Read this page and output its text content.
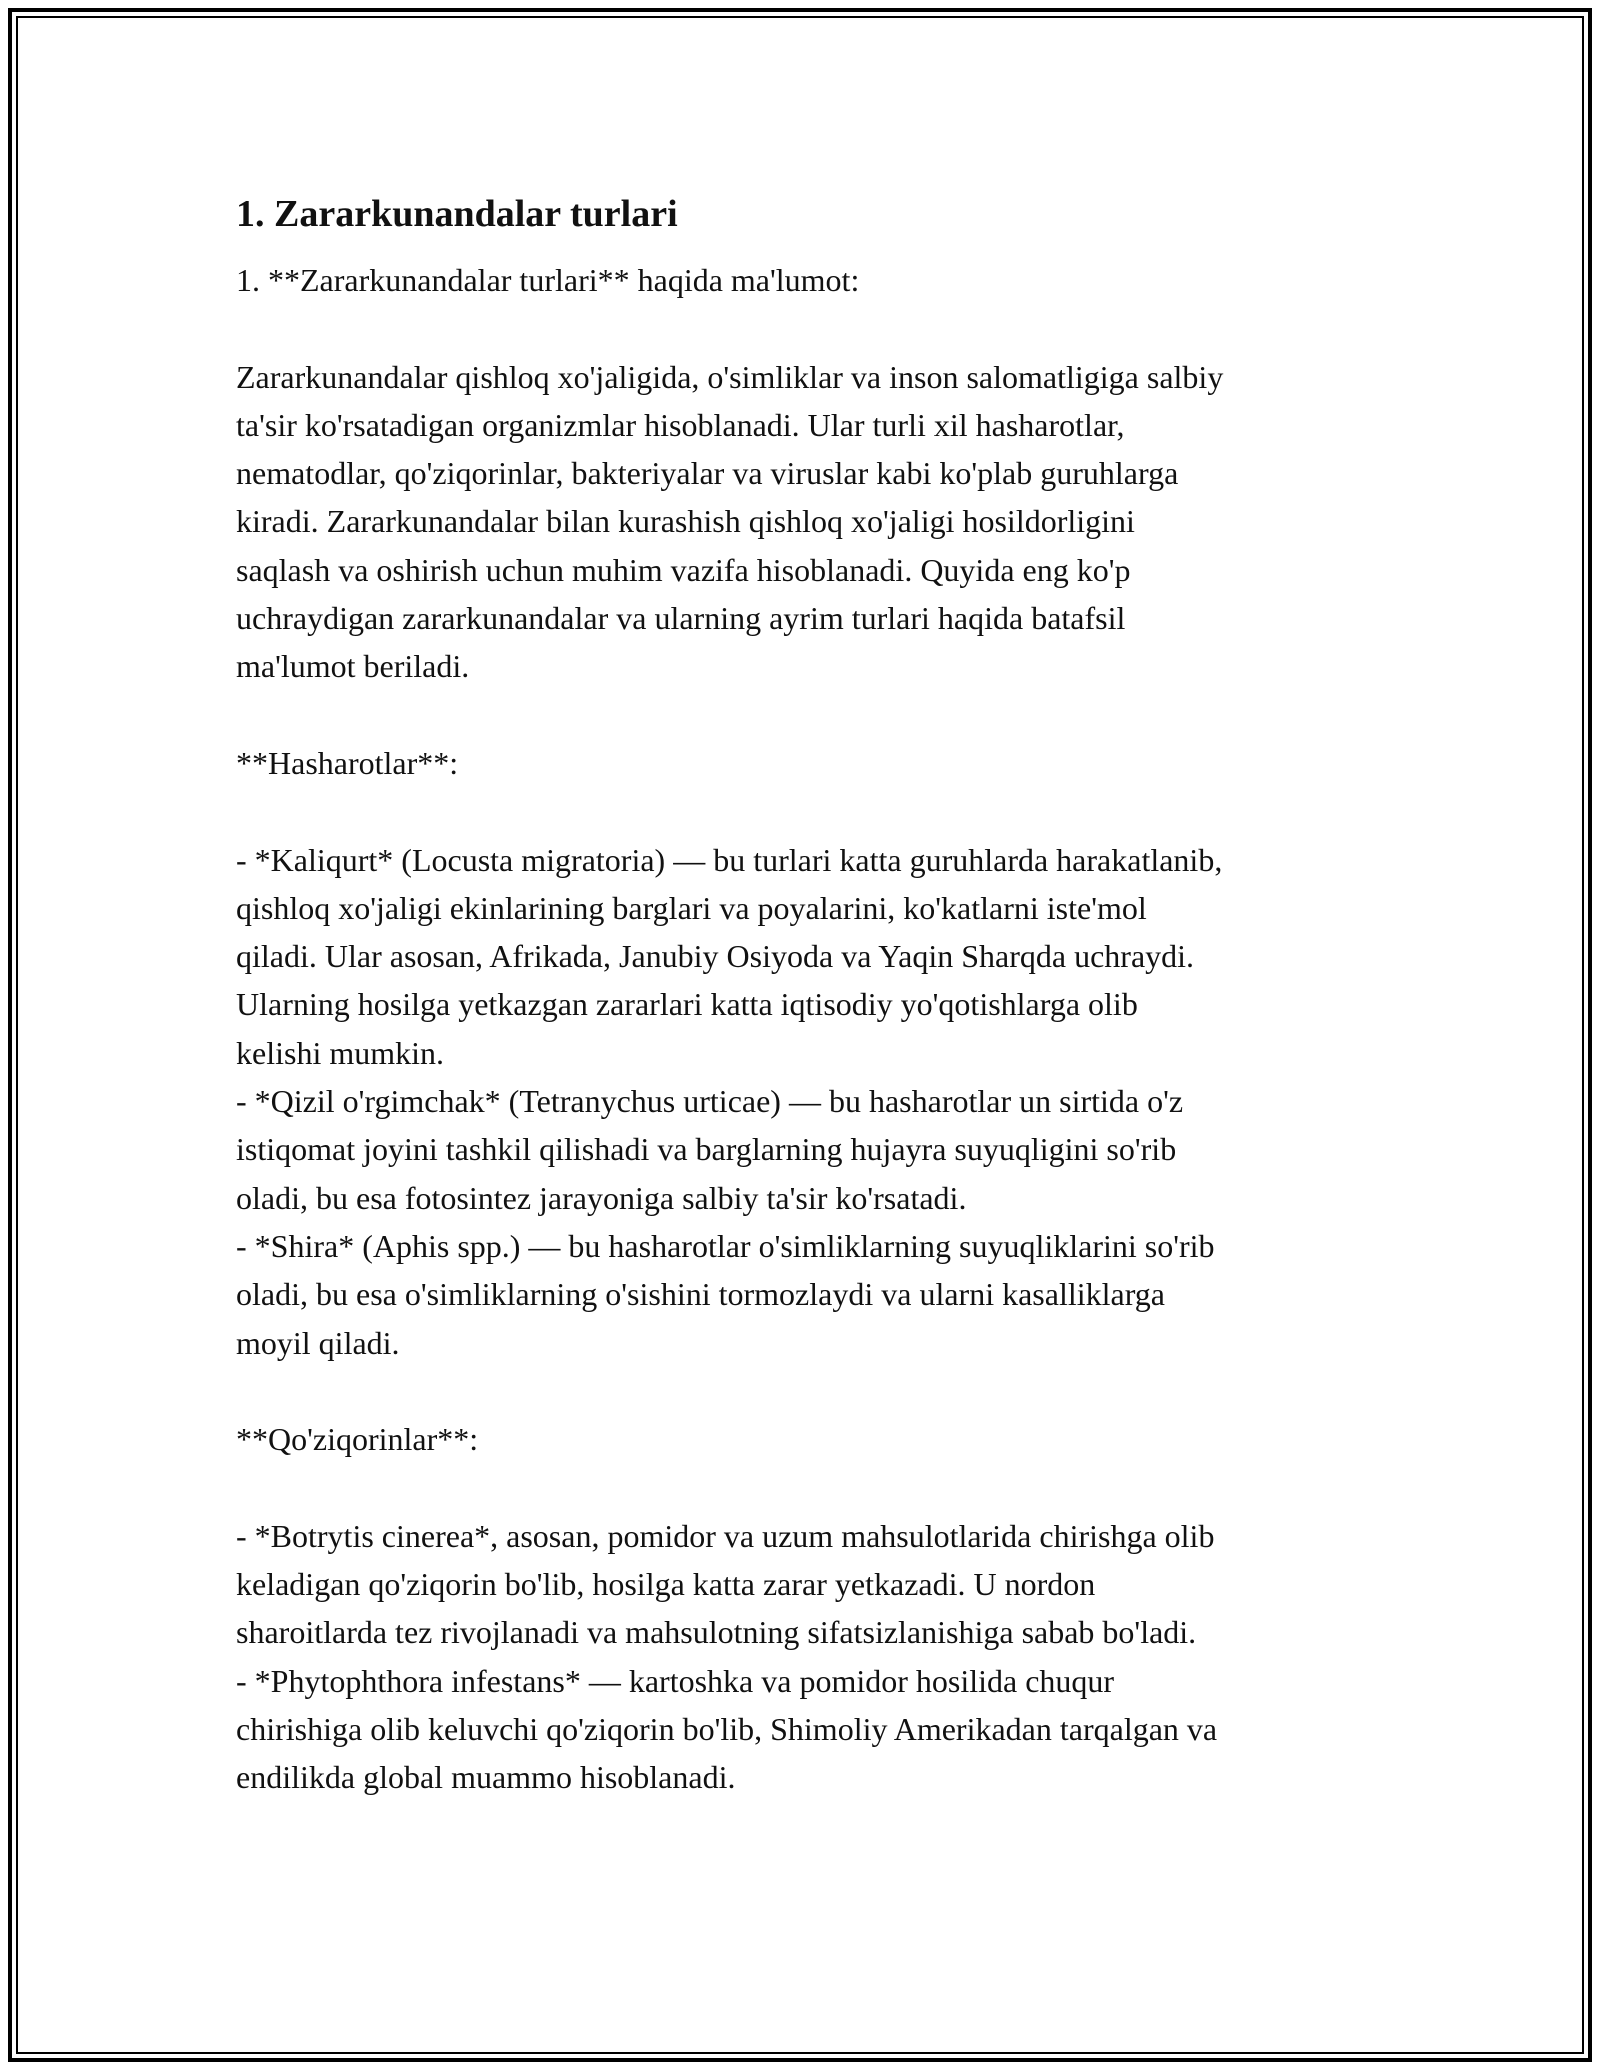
1. Zararkunandalar turlari
1. **Zararkunandalar turlari** haqida ma'lumot:
Zararkunandalar qishloq xo'jaligida, o'simliklar va inson salomatligiga salbiy
ta'sir ko'rsatadigan organizmlar hisoblanadi. Ular turli xil hasharotlar,
nematodlar, qo'ziqorinlar, bakteriyalar va viruslar kabi ko'plab guruhlarga
kiradi. Zararkunandalar bilan kurashish qishloq xo'jaligi hosildorligini
saqlash va oshirish uchun muhim vazifa hisoblanadi. Quyida eng ko'p
uchraydigan zararkunandalar va ularning ayrim turlari haqida batafsil
ma'lumot beriladi.
**Hasharotlar**:
- *Kaliqurt* (Locusta migratoria) — bu turlari katta guruhlarda harakatlanib,
qishloq xo'jaligi ekinlarining barglari va poyalarini, ko'katlarni iste'mol
qiladi. Ular asosan, Afrikada, Janubiy Osiyoda va Yaqin Sharqda uchraydi.
Ularning hosilga yetkazgan zararlari katta iqtisodiy yo'qotishlarga olib
kelishi mumkin.
- *Qizil o'rgimchak* (Tetranychus urticae) — bu hasharotlar un sirtida o'z
istiqomat joyini tashkil qilishadi va barglarning hujayra suyuqligini so'rib
oladi, bu esa fotosintez jarayoniga salbiy ta'sir ko'rsatadi.
- *Shira* (Aphis spp.) — bu hasharotlar o'simliklarning suyuqliklarini so'rib
oladi, bu esa o'simliklarning o'sishini tormozlaydi va ularni kasalliklarga
moyil qiladi.
**Qo'ziqorinlar**:
- *Botrytis cinerea*, asosan, pomidor va uzum mahsulotlarida chirishga olib
keladigan qo'ziqorin bo'lib, hosilga katta zarar yetkazadi. U nordon
sharoitlarda tez rivojlanadi va mahsulotning sifatsizlanishiga sabab bo'ladi.
- *Phytophthora infestans* — kartoshka va pomidor hosilida chuqur
chirishiga olib keluvchi qo'ziqorin bo'lib, Shimoliy Amerikadan tarqalgan va
endilikda global muammo hisoblanadi.
